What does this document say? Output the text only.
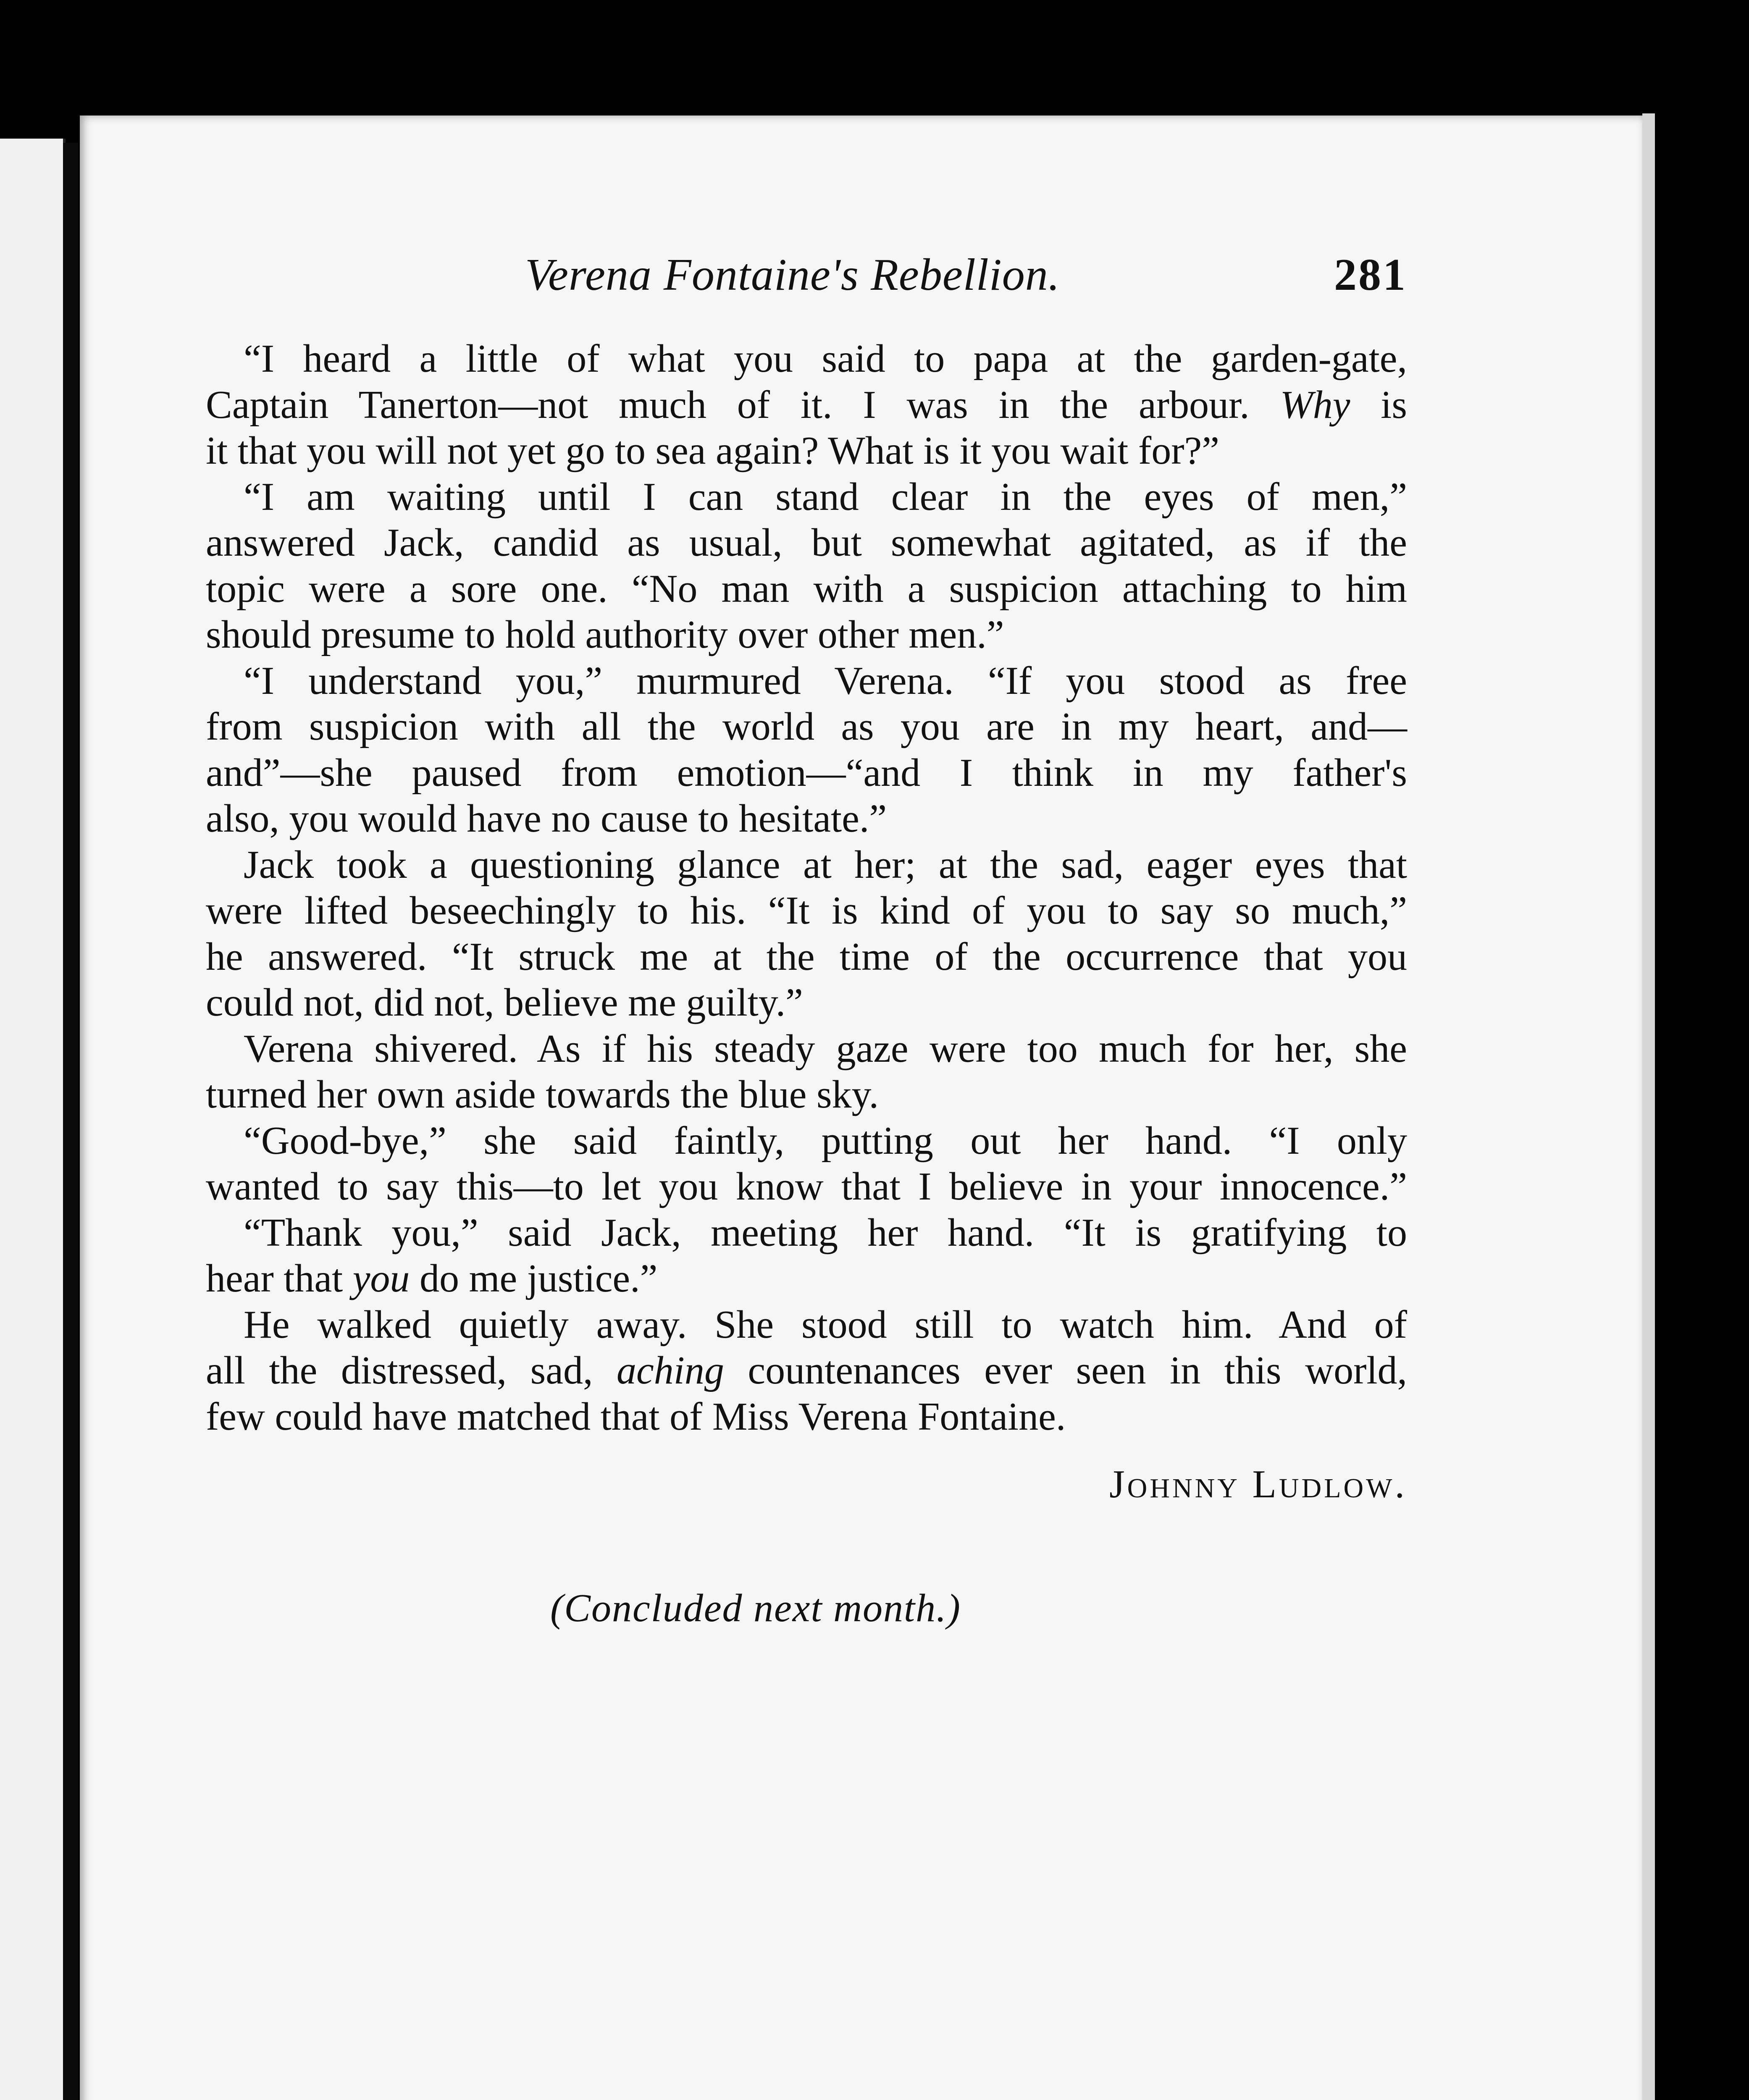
Verena Fontaine's Rebellion.	281
“I heard a little of what you said to papa at the garden-gate,
Captain Tanerton—not much of it. I was in the arbour. Why is
it that you will not yet go to sea again? What is it you wait for?”
“I am waiting until I can stand clear in the eyes of men,”
answered Jack, candid as usual, but somewhat agitated, as if the
topic were a sore one. “No man with a suspicion attaching to him
should presume to hold authority over other men.”
“I understand you,” murmured Verena. “If you stood as free
from suspicion with all the world as you are in my heart, and—
and”—she paused from emotion—“and I think in my father's
also, you would have no cause to hesitate.”
Jack took a questioning glance at her; at the sad, eager eyes that
were lifted beseechingly to his. “It is kind of you to say so much,”
he answered. “It struck me at the time of the occurrence that you
could not, did not, believe me guilty.”
Verena shivered. As if his steady gaze were too much for her, she
turned her own aside towards the blue sky.
“Good-bye,” she said faintly, putting out her hand. “I only
wanted to say this—to let you know that I believe in your innocence.”
“Thank you,” said Jack, meeting her hand. “It is gratifying to
hear that you do me justice.”
He walked quietly away. She stood still to watch him. And of
all the distressed, sad, aching countenances ever seen in this world,
few could have matched that of Miss Verena Fontaine.
Johnny Ludlow.
(Concluded next month.)
